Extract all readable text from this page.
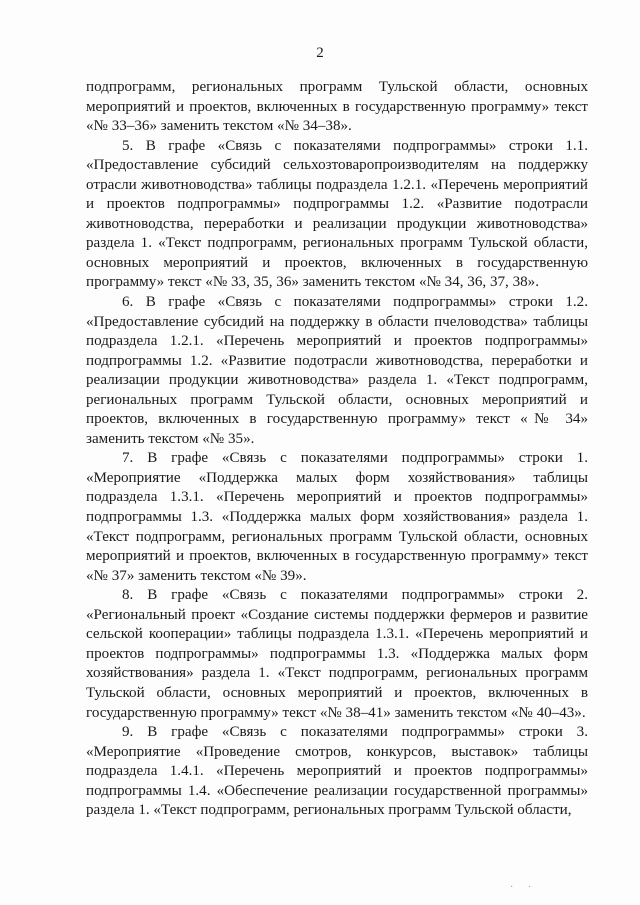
2

подпрограмм, региональных программ Тульской области, основных мероприятий и проектов, включенных в государственную программу» текст «№ 33–36» заменить текстом «№ 34–38».

5. В графе «Связь с показателями подпрограммы» строки 1.1. «Предоставление субсидий сельхозтоваропроизводителям на поддержку отрасли животноводства» таблицы подраздела 1.2.1. «Перечень мероприятий и проектов подпрограммы» подпрограммы 1.2. «Развитие подотрасли животноводства, переработки и реализации продукции животноводства» раздела 1. «Текст подпрограмм, региональных программ Тульской области, основных мероприятий и проектов, включенных в государственную программу» текст «№ 33, 35, 36» заменить текстом «№ 34, 36, 37, 38».

6. В графе «Связь с показателями подпрограммы» строки 1.2. «Предоставление субсидий на поддержку в области пчеловодства» таблицы подраздела 1.2.1. «Перечень мероприятий и проектов подпрограммы» подпрограммы 1.2. «Развитие подотрасли животноводства, переработки и реализации продукции животноводства» раздела 1. «Текст подпрограмм, региональных программ Тульской области, основных мероприятий и проектов, включенных в государственную программу» текст «№ 34» заменить текстом «№ 35».

7. В графе «Связь с показателями подпрограммы» строки 1. «Мероприятие «Поддержка малых форм хозяйствования» таблицы подраздела 1.3.1. «Перечень мероприятий и проектов подпрограммы» подпрограммы 1.3. «Поддержка малых форм хозяйствования» раздела 1. «Текст подпрограмм, региональных программ Тульской области, основных мероприятий и проектов, включенных в государственную программу» текст «№ 37» заменить текстом «№ 39».

8. В графе «Связь с показателями подпрограммы» строки 2. «Региональный проект «Создание системы поддержки фермеров и развитие сельской кооперации» таблицы подраздела 1.3.1. «Перечень мероприятий и проектов подпрограммы» подпрограммы 1.3. «Поддержка малых форм хозяйствования» раздела 1. «Текст подпрограмм, региональных программ Тульской области, основных мероприятий и проектов, включенных в государственную программу» текст «№ 38–41» заменить текстом «№ 40–43».

9. В графе «Связь с показателями подпрограммы» строки 3. «Мероприятие «Проведение смотров, конкурсов, выставок» таблицы подраздела 1.4.1. «Перечень мероприятий и проектов подпрограммы» подпрограммы 1.4. «Обеспечение реализации государственной программы» раздела 1. «Текст подпрограмм, региональных программ Тульской области,

· ·
